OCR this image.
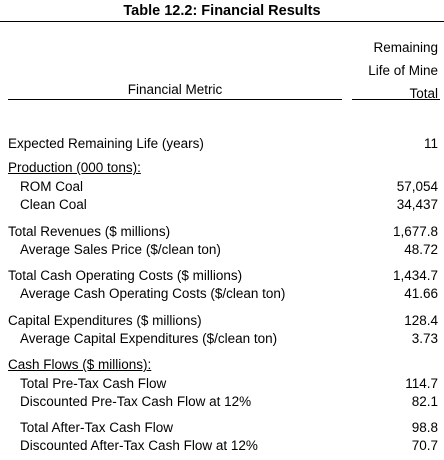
Table 12.2: Financial Results
Remaining
Life of Mine
Total
Financial Metric
Expected Remaining Life (years)	11
Production (000 tons):
ROM Coal	57,054
Clean Coal	34,437
Total Revenues ($ millions)	1,677.8
Average Sales Price ($/clean ton)	48.72
Total Cash Operating Costs ($ millions)	1,434.7
Average Cash Operating Costs ($/clean ton)	41.66
Capital Expenditures ($ millions)	128.4
Average Capital Expenditures ($/clean ton)	3.73
Cash Flows ($ millions):
Total Pre-Tax Cash Flow	114.7
Discounted Pre-Tax Cash Flow at 12%	82.1
Total After-Tax Cash Flow	98.8
Discounted After-Tax Cash Flow at 12%	70.7
